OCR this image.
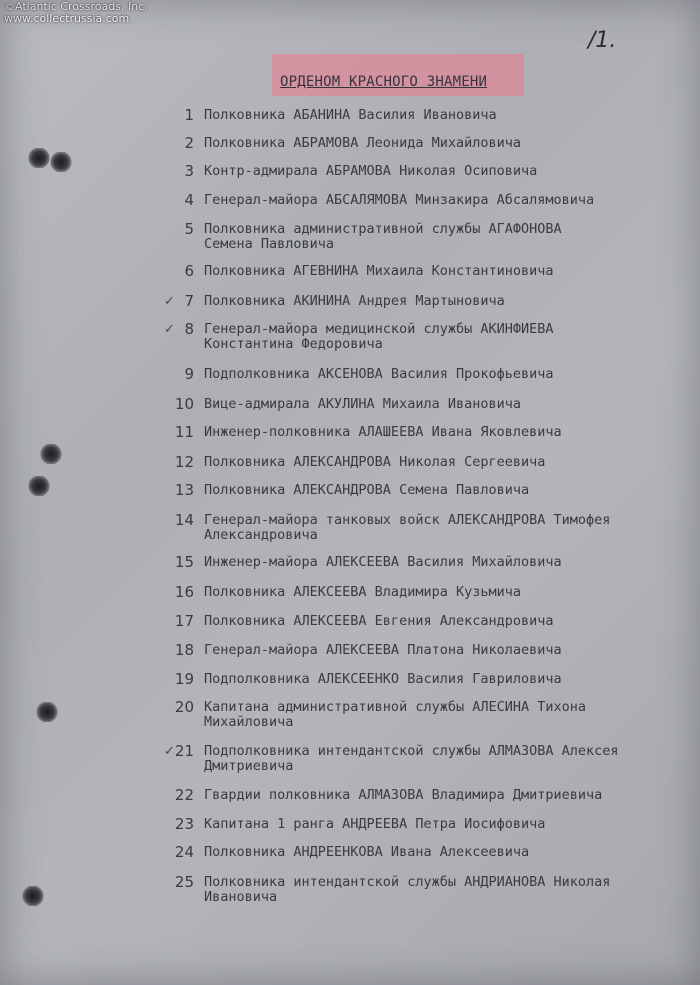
©Atlantic Crossroads, Inc.
www.collectrussia.com
/1.
ОРДЕНОМ КРАСНОГО ЗНАМЕНИ
1 Полковника АБАНИНА Василия Ивановича
2 Полковника АБРАМОВА Леонида Михайловича
3 Контр-адмирала АБРАМОВА Николая Осиповича
4 Генерал-майора АБСАЛЯМОВА Минзакира Абсалямовича
5 Полковника административной службы АГАФОНОВА
Семена Павловича
6 Полковника АГЕВНИНА Михаила Константиновича
✓ 7 Полковника АКИНИНА Андрея Мартыновича
✓ 8 Генерал-майора медицинской службы АКИНФИЕВА
Константина Федоровича
9 Подполковника АКСЕНОВА Василия Прокофьевича
10 Вице-адмирала АКУЛИНА Михаила Ивановича
11 Инженер-полковника АЛАШЕЕВА Ивана Яковлевича
12 Полковника АЛЕКСАНДРОВА Николая Сергеевича
13 Полковника АЛЕКСАНДРОВА Семена Павловича
14 Генерал-майора танковых войск АЛЕКСАНДРОВА Тимофея
Александровича
15 Инженер-майора АЛЕКСЕЕВА Василия Михайловича
16 Полковника АЛЕКСЕЕВА Владимира Кузьмича
17 Полковника АЛЕКСЕЕВА Евгения Александровича
18 Генерал-майора АЛЕКСЕЕВА Платона Николаевича
19 Подполковника АЛЕКСЕЕНКО Василия Гавриловича
20 Капитана административной службы АЛЕСИНА Тихона
Михайловича
✓ 21 Подполковника интендантской службы АЛМАЗОВА Алексея
Дмитриевича
22 Гвардии полковника АЛМАЗОВА Владимира Дмитриевича
23 Капитана 1 ранга АНДРЕЕВА Петра Иосифовича
24 Полковника АНДРЕЕНКОВА Ивана Алексеевича
25 Полковника интендантской службы АНДРИАНОВА Николая
Ивановича
